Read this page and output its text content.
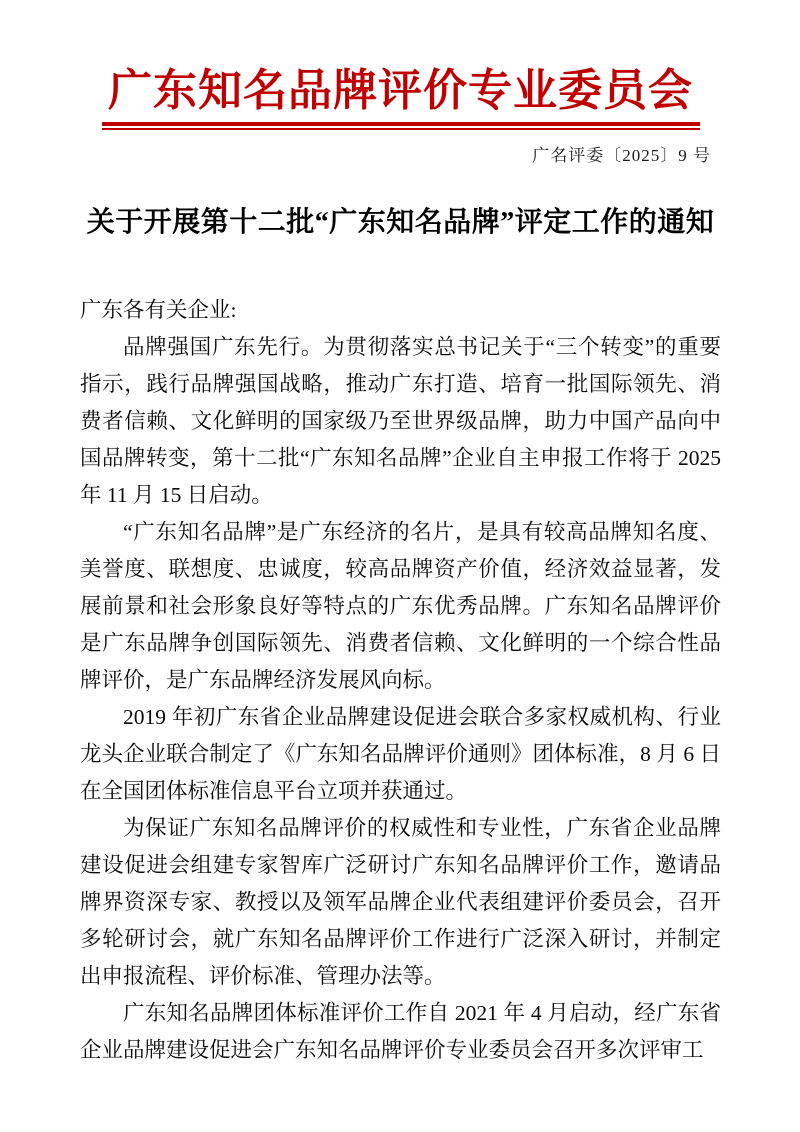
广东知名品牌评价专业委员会
广名评委〔2025〕9 号
关于开展第十二批“广东知名品牌”评定工作的通知

广东各有关企业:

品牌强国广东先行。为贯彻落实总书记关于“三个转变”的重要指示，践行品牌强国战略，推动广东打造、培育一批国际领先、消费者信赖、文化鲜明的国家级乃至世界级品牌，助力中国产品向中国品牌转变，第十二批“广东知名品牌”企业自主申报工作将于 2025 年 11 月 15 日启动。

“广东知名品牌”是广东经济的名片，是具有较高品牌知名度、美誉度、联想度、忠诚度，较高品牌资产价值，经济效益显著，发展前景和社会形象良好等特点的广东优秀品牌。广东知名品牌评价是广东品牌争创国际领先、消费者信赖、文化鲜明的一个综合性品牌评价，是广东品牌经济发展风向标。

2019 年初广东省企业品牌建设促进会联合多家权威机构、行业龙头企业联合制定了《广东知名品牌评价通则》团体标准，8 月 6 日在全国团体标准信息平台立项并获通过。

为保证广东知名品牌评价的权威性和专业性，广东省企业品牌建设促进会组建专家智库广泛研讨广东知名品牌评价工作，邀请品牌界资深专家、教授以及领军品牌企业代表组建评价委员会，召开多轮研讨会，就广东知名品牌评价工作进行广泛深入研讨，并制定出申报流程、评价标准、管理办法等。

广东知名品牌团体标准评价工作自 2021 年 4 月启动，经广东省企业品牌建设促进会广东知名品牌评价专业委员会召开多次评审工
